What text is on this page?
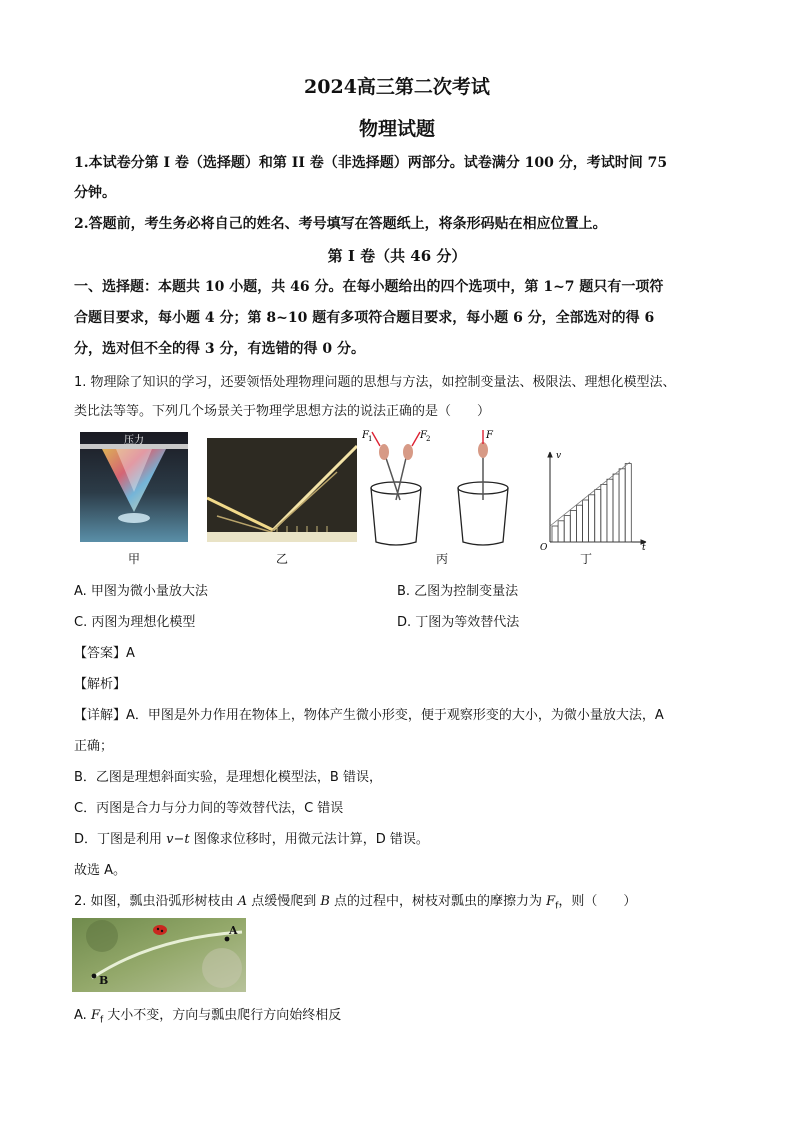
2024高三第二次考试
物理试题
1.本试卷分第 I 卷（选择题）和第 II 卷（非选择题）两部分。试卷满分 100 分，考试时间 75
分钟。
2.答题前，考生务必将自己的姓名、考号填写在答题纸上，将条形码贴在相应位置上。
第 I 卷（共 46 分）
一、选择题：本题共 10 小题，共 46 分。在每小题给出的四个选项中，第 1~7 题只有一项符
合题目要求，每小题 4 分；第 8~10 题有多项符合题目要求，每小题 6 分，全部选对的得 6
分，选对但不全的得 3 分，有选错的得 0 分。
1. 物理除了知识的学习，还要领悟处理物理问题的思想与方法，如控制变量法、极限法、理想化模型法、
类比法等等。下列几个场景关于物理学思想方法的说法正确的是（　　）
压力
甲	乙
F 1	F 2	F
丙
v
t
O
丁
A. 甲图为微小量放大法	B. 乙图为控制变量法
C. 丙图为理想化模型	D. 丁图为等效替代法
【答案】A
【解析】
【详解】A．甲图是外力作用在物体上，物体产生微小形变，便于观察形变的大小，为微小量放大法，A
正确；
B．乙图是理想斜面实验，是理想化模型法，B 错误，
C．丙图是合力与分力间的等效替代法，C 错误
D．丁图是利用 v−t 图像求位移时，用微元法计算，D 错误。
故选 A。
2. 如图，瓢虫沿弧形树枝由 A 点缓慢爬到 B 点的过程中，树枝对瓢虫的摩擦力为 $F_f$，则（　　）
A
B
A. $F_f$ 大小不变，方向与瓢虫爬行方向始终相反
